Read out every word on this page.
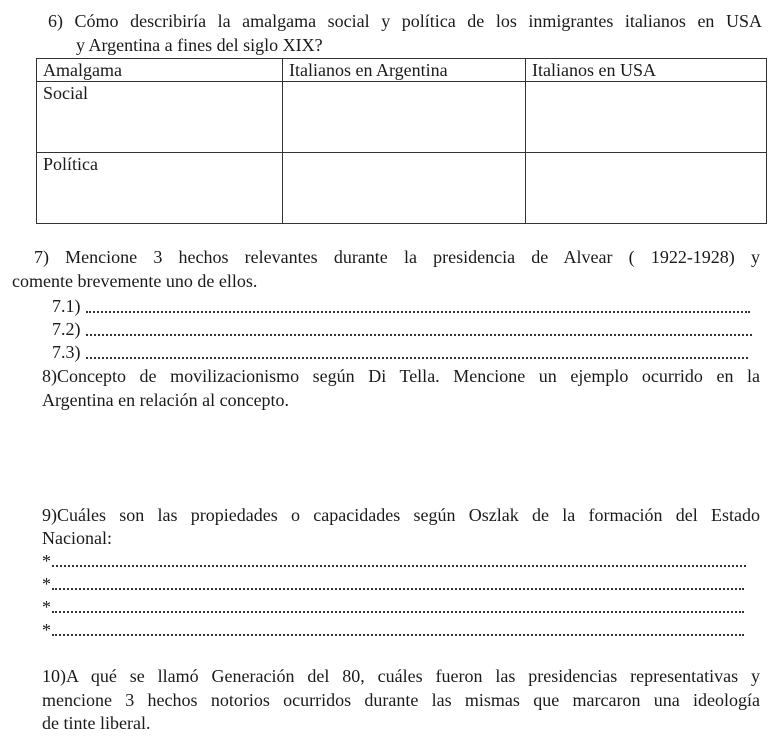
6) Cómo describiría la amalgama social y política de los inmigrantes italianos en USA
y Argentina a fines del siglo XIX?
Amalgama	Italianos en Argentina	Italianos en USA
Social		
Política		
7) Mencione 3 hechos relevantes durante la presidencia de Alvear ( 1922-1928) y
comente brevemente uno de ellos.
7.1)
7.2)
7.3)
8)Concepto de movilizacionismo según Di Tella. Mencione un ejemplo ocurrido en la
Argentina en relación al concepto.
9)Cuáles son las propiedades o capacidades según Oszlak de la formación del Estado
Nacional:
*
*
*
*
10)A qué se llamó Generación del 80, cuáles fueron las presidencias representativas y
mencione 3 hechos notorios ocurridos durante las mismas que marcaron una ideología
de tinte liberal.
